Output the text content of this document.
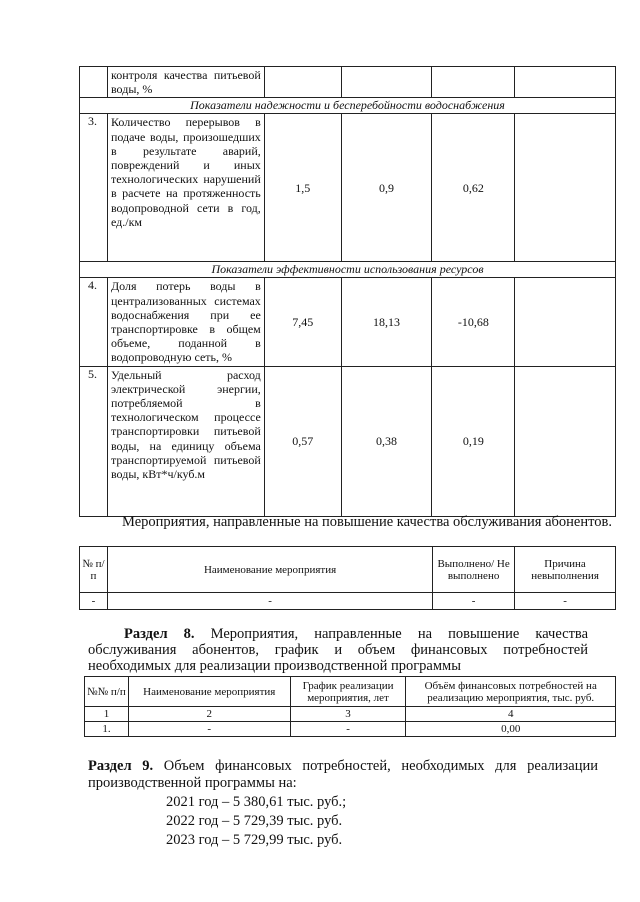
	контроля качества питьевой воды, %				
Показатели надежности и бесперебойности водоснабжения					
3.	Количество перерывов в подаче воды, произошедших в результате аварий, повреждений и иных технологических нарушений в расчете на протяженность водопроводной сети в год, ед./км	1,5	0,9	0,62	
Показатели эффективности использования ресурсов					
4.	Доля потерь воды в централизованных системах водоснабжения при ее транспортировке в общем объеме, поданной в водопроводную сеть, %	7,45	18,13	-10,68	
5.	Удельный расход электрической энергии, потребляемой в технологическом процессе транспортировки питьевой воды, на единицу объема транспортируемой питьевой воды, кВт*ч/куб.м	0,57	0,38	0,19	
Мероприятия, направленные на повышение качества обслуживания абонентов.
№ п/п	Наименование мероприятия	Выполнено/ Не выполнено	Причина невыполнения
-	-	-	-
Раздел 8. Мероприятия, направленные на повышение качества обслуживания абонентов, график и объем финансовых потребностей необходимых для реализации производственной программы
№№ п/п	Наименование мероприятия	График реализации мероприятия, лет	Объём финансовых потребностей на реализацию мероприятия, тыс. руб.
1	2	3	4
1.	-	-	0,00
Раздел 9. Объем финансовых потребностей, необходимых для реализации производственной программы на:
2021 год – 5 380,61 тыс. руб.;
2022 год – 5 729,39 тыс. руб.
2023 год – 5 729,99 тыс. руб.
